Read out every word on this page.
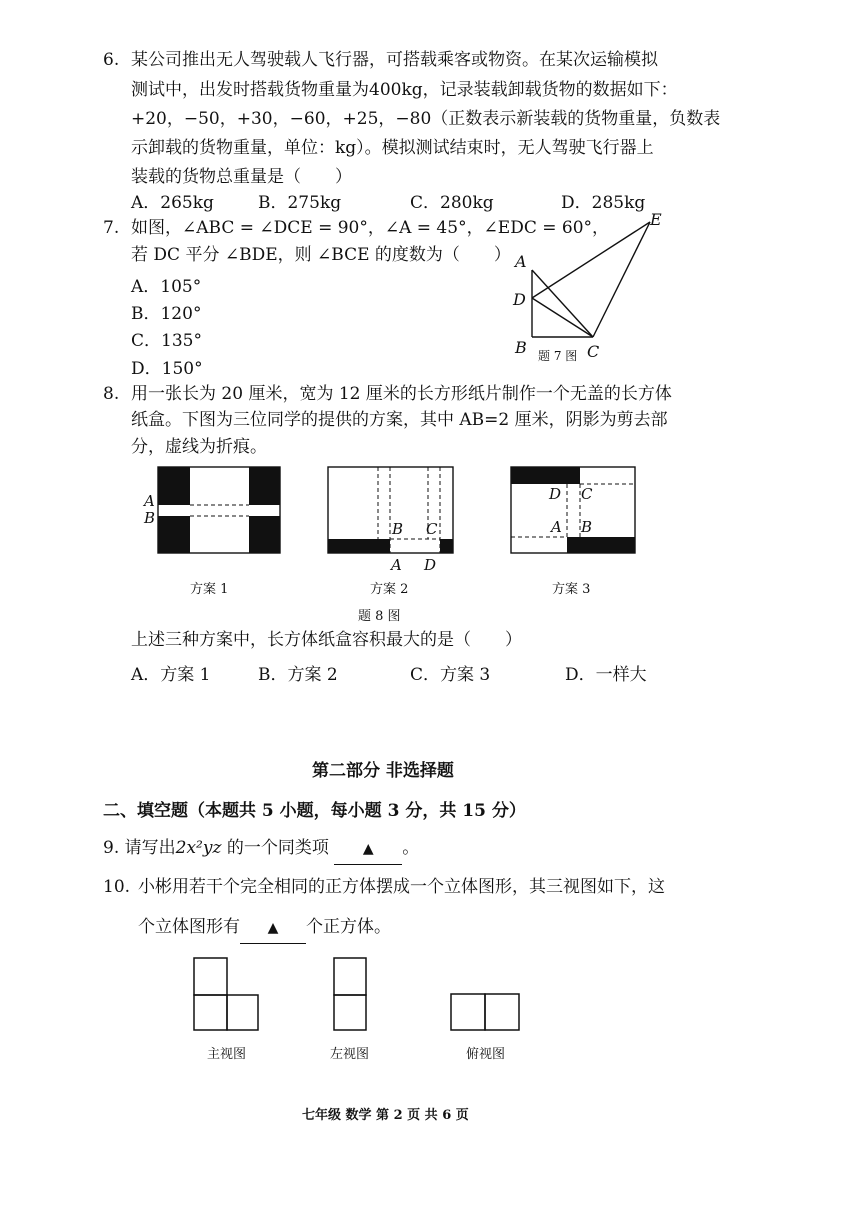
6. 某公司推出无人驾驶载人飞行器，可搭载乘客或物资。在某次运输模拟
测试中，出发时搭载货物重量为400kg，记录装载卸载货物的数据如下：
+20，−50，+30，−60，+25，−80（正数表示新装载的货物重量，负数表
示卸载的货物重量，单位：kg）。模拟测试结束时，无人驾驶飞行器上
装载的货物总重量是（　　）
A．265kg	B．275kg	C．280kg	D．285kg
7. 如图，∠ABC = ∠DCE = 90°，∠A = 45°，∠EDC = 60°，
若 DC 平分 ∠BDE，则 ∠BCE 的度数为（　　）
A．105°
B．120°
C．135°
D．150°
A
D
B	C
E
题 7 图
8. 用一张长为 20 厘米，宽为 12 厘米的长方形纸片制作一个无盖的长方体
纸盒。下图为三位同学的提供的方案，其中 AB=2 厘米，阴影为剪去部
分，虚线为折痕。
A
B
方案 1
B C
A D
方案 2
D C
A B
方案 3
题 8 图
上述三种方案中，长方体纸盒容积最大的是（　　）
A．方案 1	B．方案 2	C．方案 3	D．一样大
第二部分 非选择题
二、填空题（本题共 5 小题，每小题 3 分，共 15 分）
9. 请写出2x²yz 的一个同类项 ▲ 。
10. 小彬用若干个完全相同的正方体摆成一个立体图形，其三视图如下，这
个立体图形有 ▲ 个正方体。
主视图	左视图	俯视图
七年级 数学 第 2 页 共 6 页
